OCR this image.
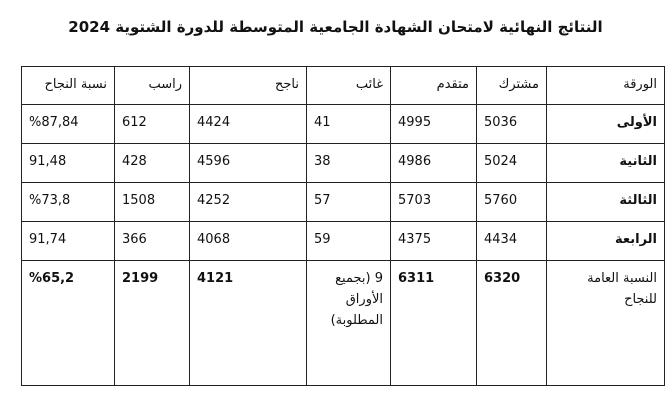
النتائج النهائية لامتحان الشهادة الجامعية المتوسطة للدورة الشتوية 2024
الورقة	مشترك	متقدم	غائب	ناجح	راسب	نسبة النجاح
الأولى	5036	4995	41	4424	612	%87,84
الثانية	5024	4986	38	4596	428	91,48
الثالثة	5760	5703	57	4252	1508	%73,8
الرابعة	4434	4375	59	4068	366	91,74
النسبة العامة للنجاح	6320	6311	9 (بجميع الأوراق المطلوبة)	4121	2199	%65,2
